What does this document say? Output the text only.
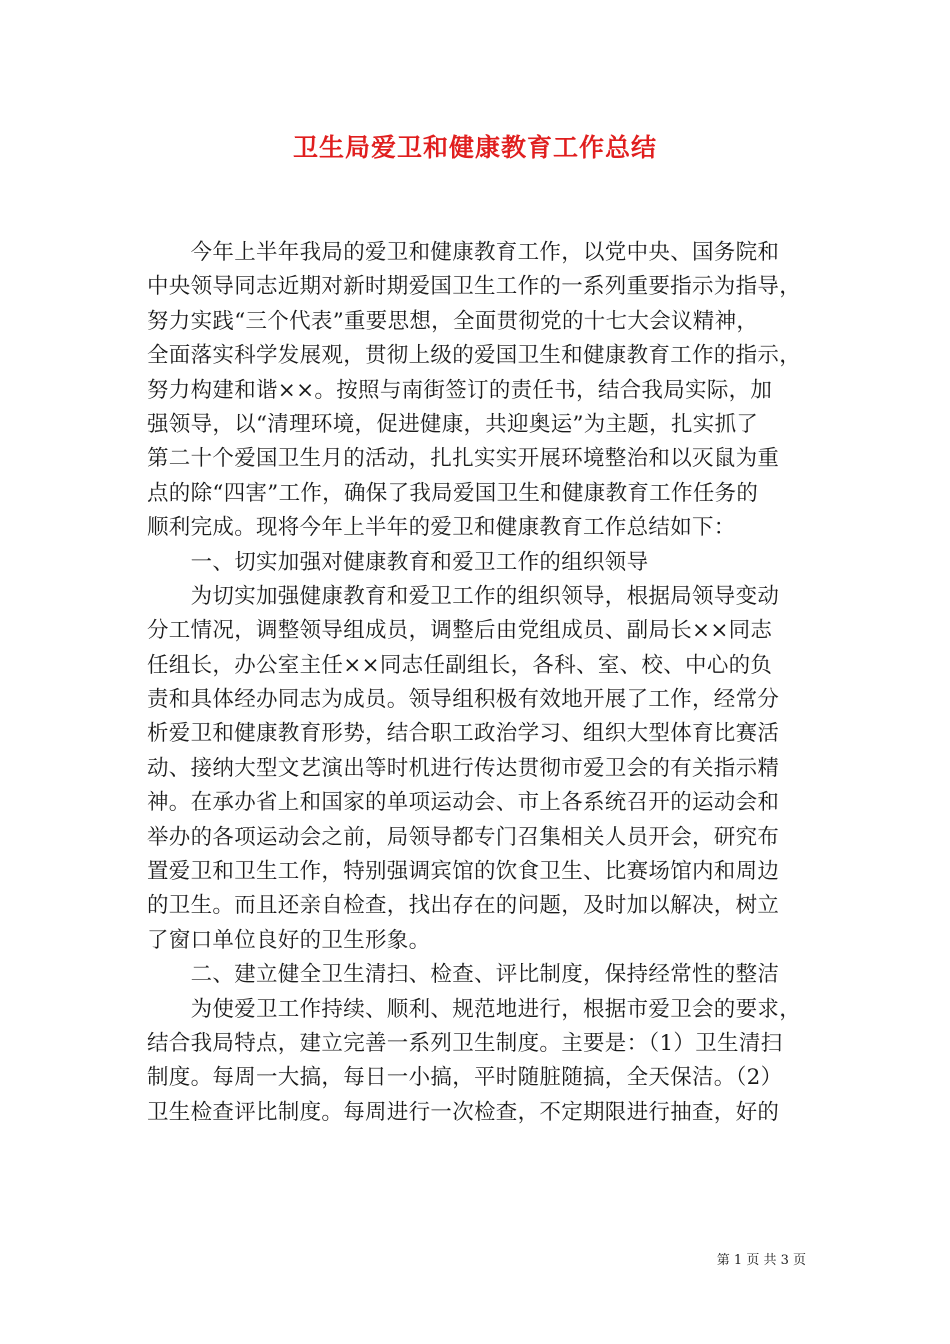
卫生局爱卫和健康教育工作总结
　　今年上半年我局的爱卫和健康教育工作，以党中央、国务院和
中央领导同志近期对新时期爱国卫生工作的一系列重要指示为指导，
努力实践“三个代表”重要思想，全面贯彻党的十七大会议精神，
全面落实科学发展观，贯彻上级的爱国卫生和健康教育工作的指示，
努力构建和谐××。按照与南街签订的责任书，结合我局实际，加
强领导，以“清理环境，促进健康，共迎奥运”为主题，扎实抓了
第二十个爱国卫生月的活动，扎扎实实开展环境整治和以灭鼠为重
点的除“四害”工作，确保了我局爱国卫生和健康教育工作任务的
顺利完成。现将今年上半年的爱卫和健康教育工作总结如下：
　　一、切实加强对健康教育和爱卫工作的组织领导
　　为切实加强健康教育和爱卫工作的组织领导，根据局领导变动
分工情况，调整领导组成员，调整后由党组成员、副局长××同志
任组长，办公室主任××同志任副组长，各科、室、校、中心的负
责和具体经办同志为成员。领导组积极有效地开展了工作，经常分
析爱卫和健康教育形势，结合职工政治学习、组织大型体育比赛活
动、接纳大型文艺演出等时机进行传达贯彻市爱卫会的有关指示精
神。在承办省上和国家的单项运动会、市上各系统召开的运动会和
举办的各项运动会之前，局领导都专门召集相关人员开会，研究布
置爱卫和卫生工作，特别强调宾馆的饮食卫生、比赛场馆内和周边
的卫生。而且还亲自检查，找出存在的问题，及时加以解决，树立
了窗口单位良好的卫生形象。
　　二、建立健全卫生清扫、检查、评比制度，保持经常性的整洁
　　为使爱卫工作持续、顺利、规范地进行，根据市爱卫会的要求，
结合我局特点，建立完善一系列卫生制度。主要是：（1）卫生清扫
制度。每周一大搞，每日一小搞，平时随脏随搞，全天保洁。（2）
卫生检查评比制度。每周进行一次检查，不定期限进行抽查，好的
第 1 页 共 3 页
